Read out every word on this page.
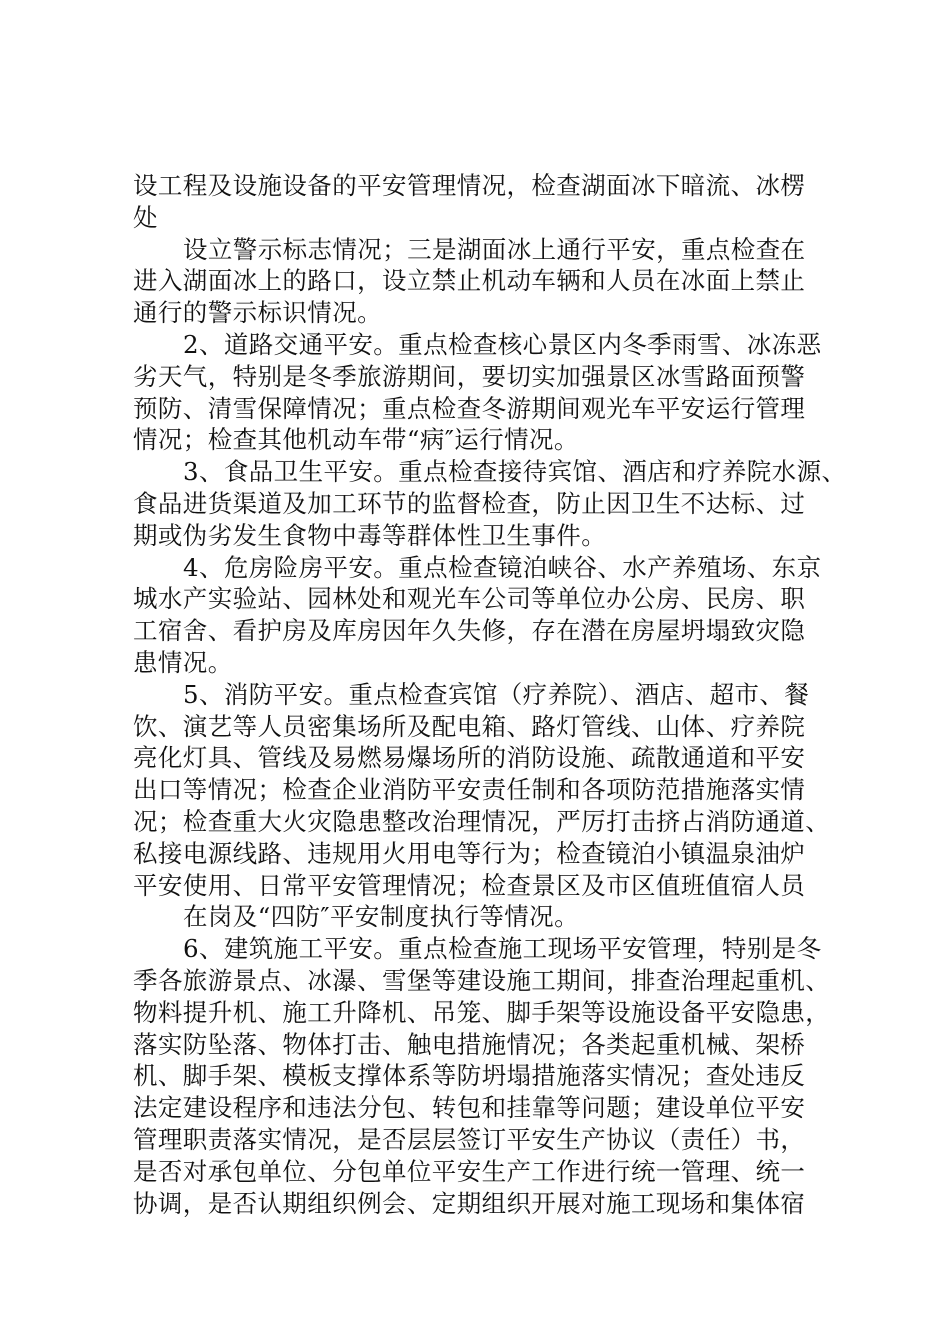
设工程及设施设备的平安管理情况，检查湖面冰下暗流、冰楞
处
设立警示标志情况；三是湖面冰上通行平安，重点检查在
进入湖面冰上的路口，设立禁止机动车辆和人员在冰面上禁止
通行的警示标识情况。
2、道路交通平安。重点检查核心景区内冬季雨雪、冰冻恶
劣天气，特别是冬季旅游期间，要切实加强景区冰雪路面预警
预防、清雪保障情况；重点检查冬游期间观光车平安运行管理
情况；检查其他机动车带“病″运行情况。
3、食品卫生平安。重点检查接待宾馆、酒店和疗养院水源、
食品进货渠道及加工环节的监督检查，防止因卫生不达标、过
期或伪劣发生食物中毒等群体性卫生事件。
4、危房险房平安。重点检查镜泊峡谷、水产养殖场、东京
城水产实验站、园林处和观光车公司等单位办公房、民房、职
工宿舍、看护房及库房因年久失修，存在潜在房屋坍塌致灾隐
患情况。
5、消防平安。重点检查宾馆（疗养院）、酒店、超市、餐
饮、演艺等人员密集场所及配电箱、路灯管线、山体、疗养院
亮化灯具、管线及易燃易爆场所的消防设施、疏散通道和平安
出口等情况；检查企业消防平安责任制和各项防范措施落实情
况；检查重大火灾隐患整改治理情况，严厉打击挤占消防通道、
私接电源线路、违规用火用电等行为；检查镜泊小镇温泉油炉
平安使用、日常平安管理情况；检查景区及市区值班值宿人员
在岗及“四防″平安制度执行等情况。
6、建筑施工平安。重点检查施工现场平安管理，特别是冬
季各旅游景点、冰瀑、雪堡等建设施工期间，排查治理起重机、
物料提升机、施工升降机、吊笼、脚手架等设施设备平安隐患，
落实防坠落、物体打击、触电措施情况；各类起重机械、架桥
机、脚手架、模板支撑体系等防坍塌措施落实情况；查处违反
法定建设程序和违法分包、转包和挂靠等问题；建设单位平安
管理职责落实情况，是否层层签订平安生产协议（责任）书，
是否对承包单位、分包单位平安生产工作进行统一管理、统一
协调，是否认期组织例会、定期组织开展对施工现场和集体宿
